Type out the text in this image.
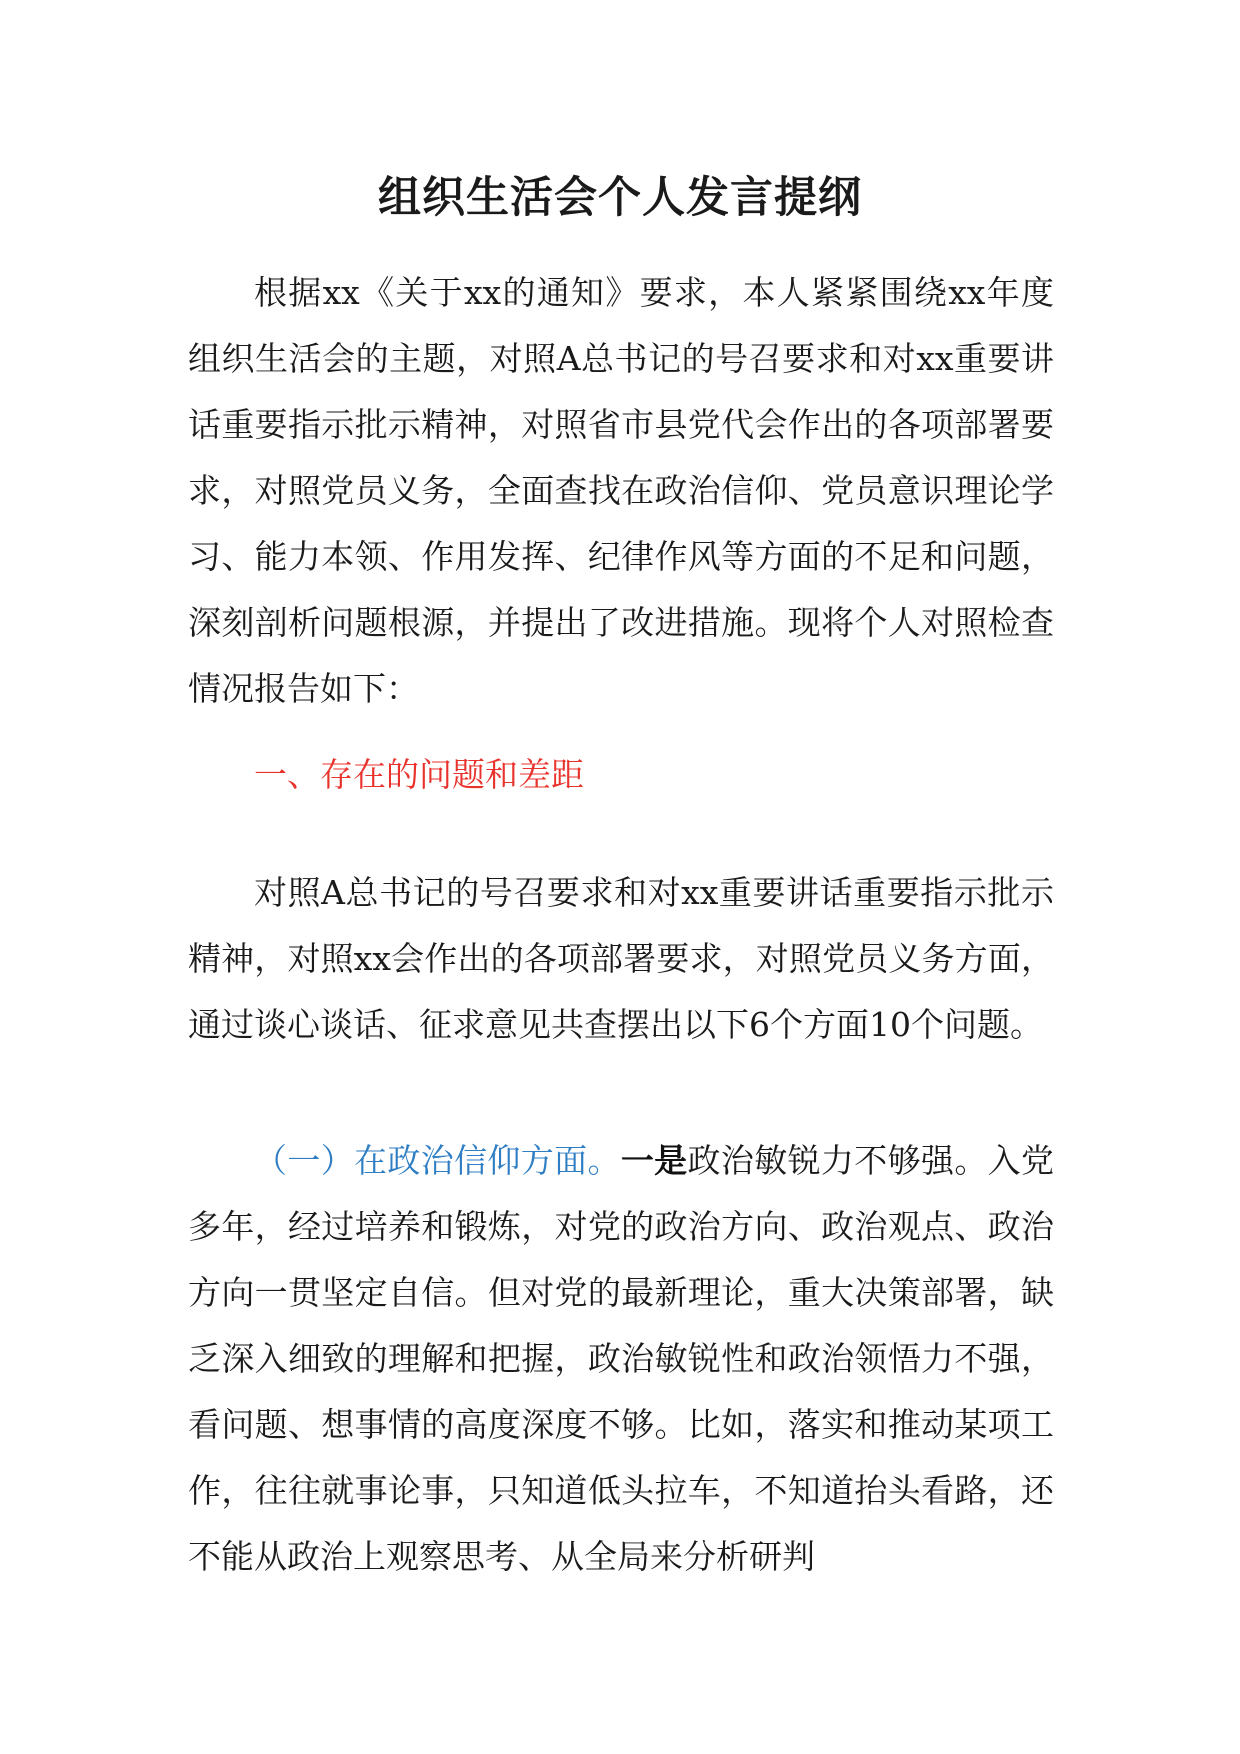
组织生活会个人发言提纲

根据xx《关于xx的通知》要求，本人紧紧围绕xx年度组织生活会的主题，对照A总书记的号召要求和对xx重要讲话重要指示批示精神，对照省市县党代会作出的各项部署要求，对照党员义务，全面查找在政治信仰、党员意识理论学习、能力本领、作用发挥、纪律作风等方面的不足和问题，深刻剖析问题根源，并提出了改进措施。现将个人对照检查情况报告如下：

一、存在的问题和差距

对照A总书记的号召要求和对xx重要讲话重要指示批示精神，对照xx会作出的各项部署要求，对照党员义务方面，通过谈心谈话、征求意见共查摆出以下6个方面10个问题。

（一）在政治信仰方面。一是政治敏锐力不够强。入党多年，经过培养和锻炼，对党的政治方向、政治观点、政治方向一贯坚定自信。但对党的最新理论，重大决策部署，缺乏深入细致的理解和把握，政治敏锐性和政治领悟力不强，看问题、想事情的高度深度不够。比如，落实和推动某项工作，往往就事论事，只知道低头拉车，不知道抬头看路，还不能从政治上观察思考、从全局来分析研判
